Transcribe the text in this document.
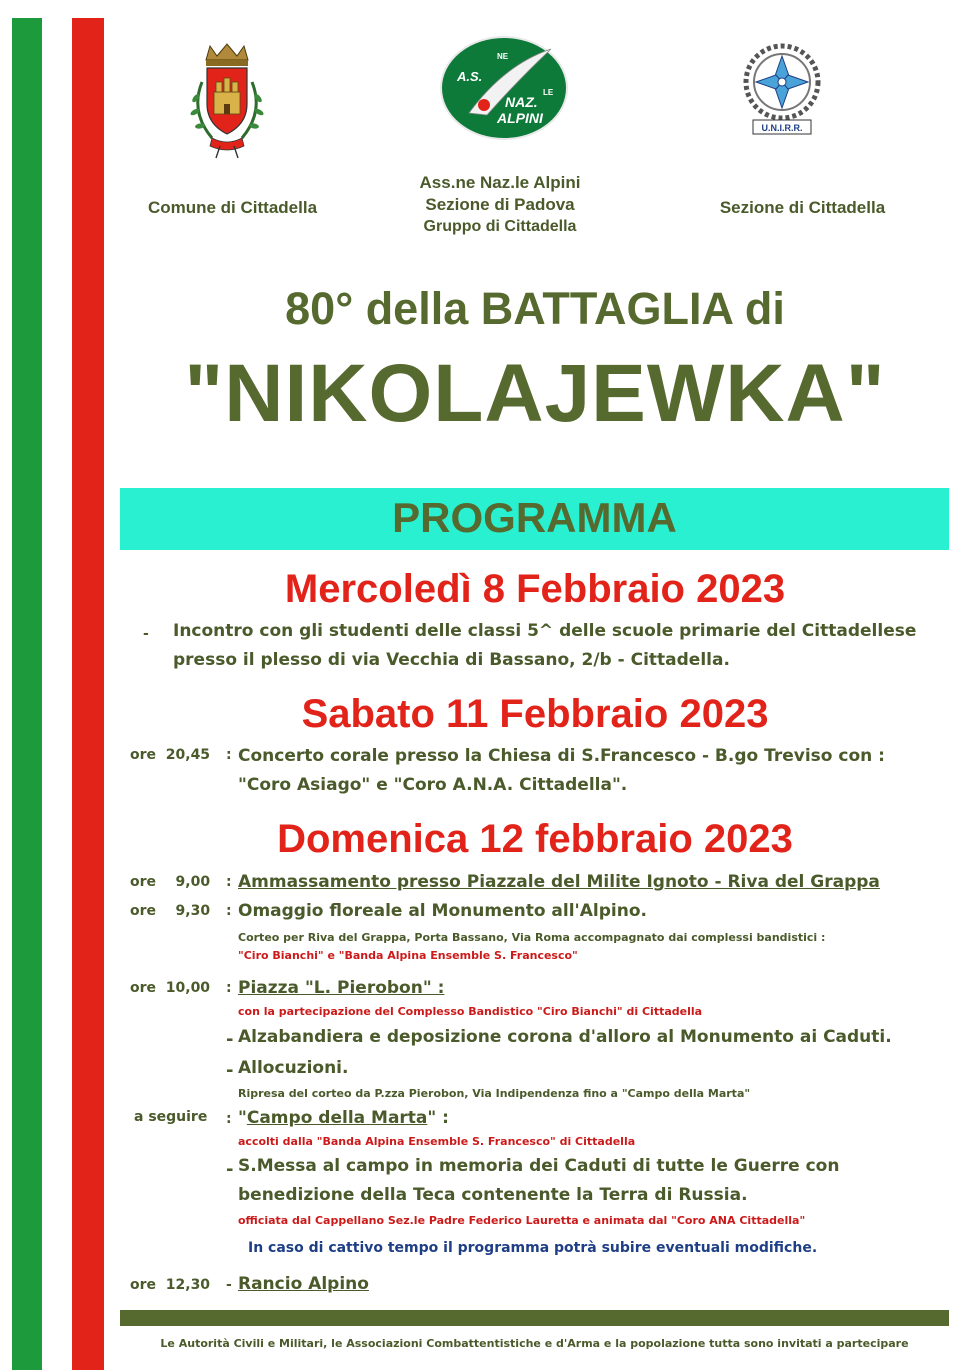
A.S.
NE
NAZ.
LE
ALPINI
U.N.I.R.R.
Comune di Cittadella
Ass.ne Naz.le Alpini
Sezione di Padova
Gruppo di Cittadella
Sezione di Cittadella
80° della BATTAGLIA di
"NIKOLAJEWKA"
PROGRAMMA
Mercoledì 8 Febbraio 2023
- Incontro con gli studenti delle classi 5^ delle scuole primarie del Cittadellese
presso il plesso di via Vecchia di Bassano, 2/b - Cittadella.
Sabato 11 Febbraio 2023
ore  20,45 : Concerto corale presso la Chiesa di S.Francesco - B.go Treviso con :
"Coro Asiago" e "Coro A.N.A. Cittadella".
Domenica 12 febbraio 2023
ore    9,00 : Ammassamento presso Piazzale del Milite Ignoto - Riva del Grappa
ore    9,30 : Omaggio floreale al Monumento all'Alpino.
Corteo per Riva del Grappa, Porta Bassano, Via Roma accompagnato dai complessi bandistici :
"Ciro Bianchi" e "Banda Alpina Ensemble S. Francesco"
ore  10,00 : Piazza "L. Pierobon" :
con la partecipazione del Complesso Bandistico "Ciro Bianchi" di Cittadella
- Alzabandiera e deposizione corona d'alloro al Monumento ai Caduti.
- Allocuzioni.
Ripresa del corteo da P.zza Pierobon, Via Indipendenza fino a "Campo della Marta"
a seguire : "Campo della Marta" :
accolti dalla "Banda Alpina Ensemble S. Francesco" di Cittadella
- S.Messa al campo in memoria dei Caduti di tutte le Guerre con
benedizione della Teca contenente la Terra di Russia.
officiata dal Cappellano Sez.le Padre Federico Lauretta e animata dal "Coro ANA Cittadella"
In caso di cattivo tempo il programma potrà subire eventuali modifiche.
ore  12,30 - Rancio Alpino
Le Autorità Civili e Militari, le Associazioni Combattentistiche e d'Arma e la popolazione tutta sono invitati a partecipare
